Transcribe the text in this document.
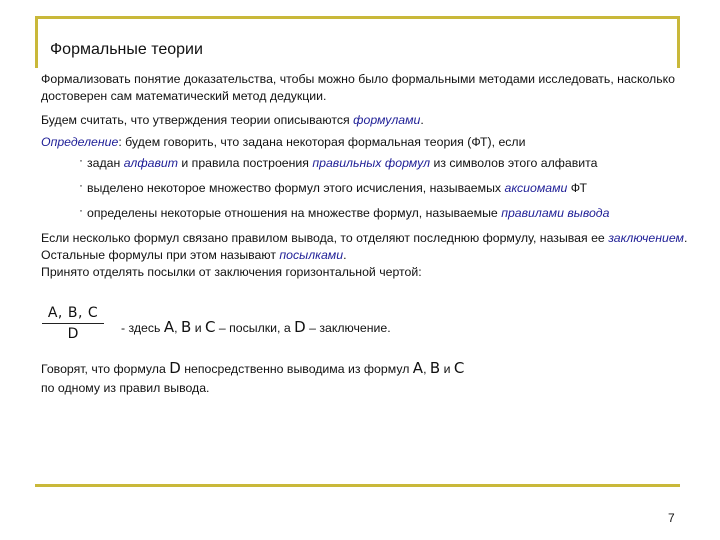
Формальные теории

Формализовать понятие доказательства, чтобы можно было формальными методами исследовать, насколько достоверен сам математический метод дедукции.

Будем считать, что утверждения теории описываются формулами.

Определение: будем говорить, что задана некоторая формальная теория (ФТ), если

· задан алфавит и правила построения правильных формул из символов этого алфавита
· выделено некоторое множество формул этого исчисления, называемых аксиомами ФТ
· определены некоторые отношения на множестве формул, называемые правилами вывода

Если несколько формул связано правилом вывода, то отделяют последнюю формулу, называя ее заключением. Остальные формулы при этом называют посылками.

Принято отделять посылки от заключения горизонтальной чертой:

A, B, C
D	- здесь A, B и C – посылки, а D – заключение.

Говорят, что формула D непосредственно выводима из формул A, B и C

по одному из правил вывода.

7
